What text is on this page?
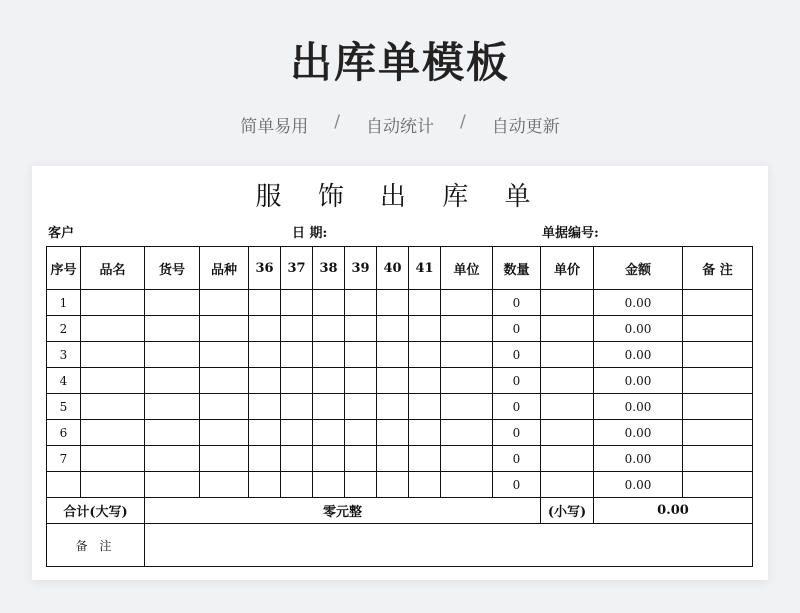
出库单模板
简单易用	/	自动统计	/	自动更新
服 饰 出 库 单
客户	日 期:	单据编号:
序号	品名	货号	品种	36	37	38	39	40	41	单位	数量	单价	金额	备 注
1											0		0.00	
2											0		0.00	
3											0		0.00	
4											0		0.00	
5											0		0.00	
6											0		0.00	
7											0		0.00	
											0		0.00	
合计(大写)		零元整										(小写)	0.00	
备 注														
